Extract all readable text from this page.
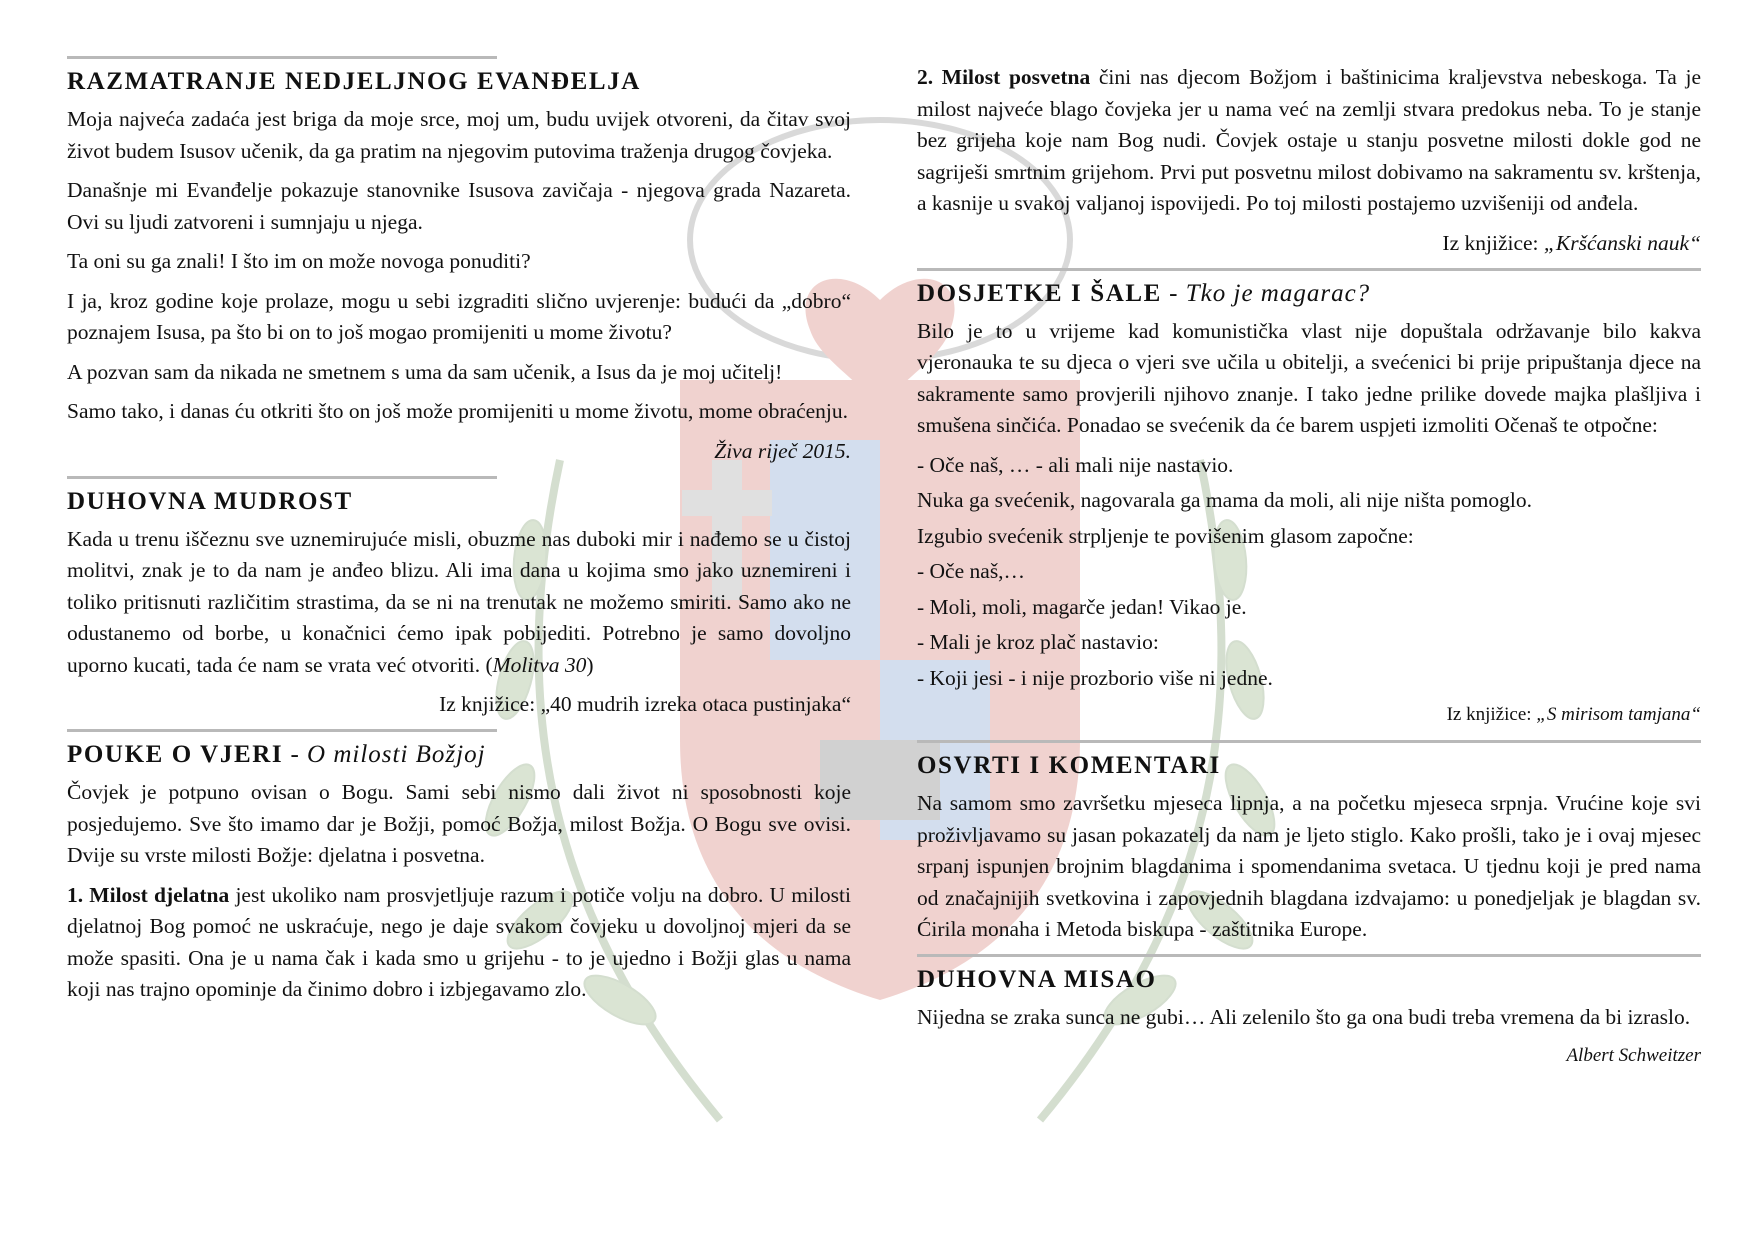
RAZMATRANJE NEDJELJNOG EVANĐELJA

Moja najveća zadaća jest briga da moje srce, moj um, budu uvijek otvoreni, da čitav svoj život budem Isusov učenik, da ga pratim na njegovim putovima traženja drugog čovjeka.

Današnje mi Evanđelje pokazuje stanovnike Isusova zavičaja - njegova grada Nazareta. Ovi su ljudi zatvoreni i sumnjaju u njega.

Ta oni su ga znali! I što im on može novoga ponuditi?

I ja, kroz godine koje prolaze, mogu u sebi izgraditi slično uvjerenje: budući da „dobro“ poznajem Isusa, pa što bi on to još mogao promijeniti u mome životu?

A pozvan sam da nikada ne smetnem s uma da sam učenik, a Isus da je moj učitelj!

Samo tako, i danas ću otkriti što on još može promijeniti u mome životu, mome obraćenju.

Živa riječ 2015.
DUHOVNA MUDROST

Kada u trenu iščeznu sve uznemirujuće misli, obuzme nas duboki mir i nađemo se u čistoj molitvi, znak je to da nam je anđeo blizu. Ali ima dana u kojima smo jako uznemireni i toliko pritisnuti različitim strastima, da se ni na trenutak ne možemo smiriti. Samo ako ne odustanemo od borbe, u konačnici ćemo ipak pobijediti. Potrebno je samo dovoljno uporno kucati, tada će nam se vrata već otvoriti. (Molitva 30)

Iz knjižice: „40 mudrih izreka otaca pustinjaka“
POUKE O VJERI - O milosti Božjoj

Čovjek je potpuno ovisan o Bogu. Sami sebi nismo dali život ni sposobnosti koje posjedujemo. Sve što imamo dar je Božji, pomoć Božja, milost Božja. O Bogu sve ovisi. Dvije su vrste milosti Božje: djelatna i posvetna.

1. Milost djelatna jest ukoliko nam prosvjetljuje razum i potiče volju na dobro. U milosti djelatnoj Bog pomoć ne uskraćuje, nego je daje svakom čovjeku u dovoljnoj mjeri da se može spasiti. Ona je u nama čak i kada smo u grijehu - to je ujedno i Božji glas u nama koji nas trajno opominje da činimo dobro i izbjegavamo zlo.

2. Milost posvetna čini nas djecom Božjom i baštinicima kraljevstva nebeskoga. Ta je milost najveće blago čovjeka jer u nama već na zemlji stvara predokus neba. To je stanje bez grijeha koje nam Bog nudi. Čovjek ostaje u stanju posvetne milosti dokle god ne sagriješi smrtnim grijehom. Prvi put posvetnu milost dobivamo na sakramentu sv. krštenja, a kasnije u svakoj valjanoj ispovijedi. Po toj milosti postajemo uzvišeniji od anđela.

Iz knjižice: „Kršćanski nauk“
DOSJETKE I ŠALE - Tko je magarac?

Bilo je to u vrijeme kad komunistička vlast nije dopuštala održavanje bilo kakva vjeronauka te su djeca o vjeri sve učila u obitelji, a svećenici bi prije pripuštanja djece na sakramente samo provjerili njihovo znanje. I tako jedne prilike dovede majka plašljiva i smušena sinčića. Ponadao se svećenik da će barem uspjeti izmoliti Očenaš te otpočne:

- Oče naš, … - ali mali nije nastavio.

Nuka ga svećenik, nagovarala ga mama da moli, ali nije ništa pomoglo.

Izgubio svećenik strpljenje te povišenim glasom započne:

- Oče naš,…

- Moli, moli, magarče jedan! Vikao je.

- Mali je kroz plač nastavio:

- Koji jesi - i nije prozborio više ni jedne.

Iz knjižice: „S mirisom tamjana“
OSVRTI I KOMENTARI

Na samom smo završetku mjeseca lipnja, a na početku mjeseca srpnja. Vrućine koje svi proživljavamo su jasan pokazatelj da nam je ljeto stiglo. Kako prošli, tako je i ovaj mjesec srpanj ispunjen brojnim blagdanima i spomendanima svetaca. U tjednu koji je pred nama od značajnijih svetkovina i zapovjednih blagdana izdvajamo: u ponedjeljak je blagdan sv. Ćirila monaha i Metoda biskupa - zaštitnika Europe.

DUHOVNA MISAO

Nijedna se zraka sunca ne gubi… Ali zelenilo što ga ona budi treba vremena da bi izraslo.

Albert Schweitzer
